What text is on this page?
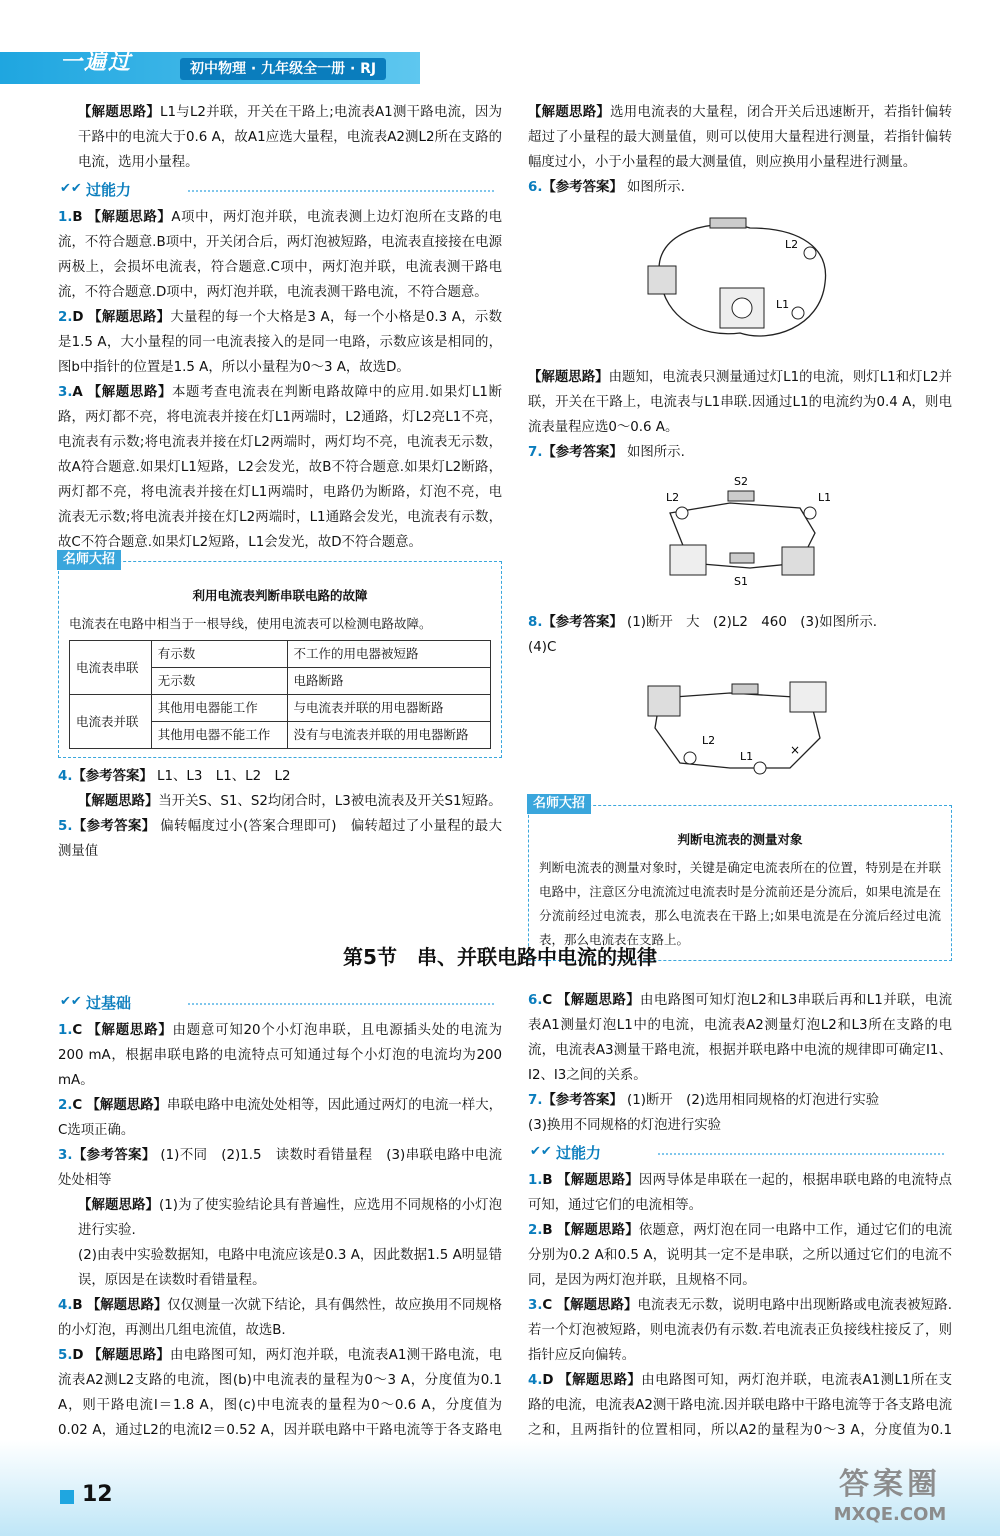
一遍过	初中物理 · 九年级全一册 · RJ

【解题思路】L1与L2并联，开关在干路上;电流表A1测干路电流，因为干路中的电流大于0.6 A，故A1应选大量程，电流表A2测L2所在支路的电流，选用小量程。

✔✔ 过能力

1.B 【解题思路】A项中，两灯泡并联，电流表测上边灯泡所在支路的电流，不符合题意.B项中，开关闭合后，两灯泡被短路，电流表直接接在电源两极上，会损坏电流表，符合题意.C项中，两灯泡并联，电流表测干路电流，不符合题意.D项中，两灯泡并联，电流表测干路电流，不符合题意。

2.D 【解题思路】大量程的每一个大格是3 A，每一个小格是0.3 A，示数是1.5 A，大小量程的同一电流表接入的是同一电路，示数应该是相同的，图b中指针的位置是1.5 A，所以小量程为0～3 A，故选D。

3.A 【解题思路】本题考查电流表在判断电路故障中的应用.如果灯L1断路，两灯都不亮，将电流表并接在灯L1两端时，L2通路，灯L2亮L1不亮，电流表有示数;将电流表并接在灯L2两端时，两灯均不亮，电流表无示数，故A符合题意.如果灯L1短路，L2会发光，故B不符合题意.如果灯L2断路，两灯都不亮，将电流表并接在灯L1两端时，电路仍为断路，灯泡不亮，电流表无示数;将电流表并接在灯L2两端时，L1通路会发光，电流表有示数，故C不符合题意.如果灯L2短路，L1会发光，故D不符合题意。

名师大招
利用电流表判断串联电路的故障

电流表在电路中相当于一根导线，使用电流表可以检测电路故障。

电流表串联	有示数	不工作的用电器被短路
	无示数	电路断路
电流表并联	其他用电器能工作	与电流表并联的用电器断路
	其他用电器不能工作	没有与电流表并联的用电器断路

4.【参考答案】 L1、L3　L1、L2　L2

【解题思路】当开关S、S1、S2均闭合时，L3被电流表及开关S1短路。

5.【参考答案】 偏转幅度过小(答案合理即可)　偏转超过了小量程的最大测量值

【解题思路】选用电流表的大量程，闭合开关后迅速断开，若指针偏转超过了小量程的最大测量值，则可以使用大量程进行测量，若指针偏转幅度过小，小于小量程的最大测量值，则应换用小量程进行测量。

6.【参考答案】 如图所示.

L2
L1

【解题思路】由题知，电流表只测量通过灯L1的电流，则灯L1和灯L2并联，开关在干路上，电流表与L1串联.因通过L1的电流约为0.4 A，则电流表量程应选0～0.6 A。

7.【参考答案】 如图所示.

L2	L1
S2
S1

8.【参考答案】 (1)断开　大　(2)L2　460　(3)如图所示.

(4)C

×
L2
L1
名师大招
判断电流表的测量对象

判断电流表的测量对象时，关键是确定电流表所在的位置，特别是在并联电路中，注意区分电流流过电流表时是分流前还是分流后，如果电流是在分流前经过电流表，那么电流表在干路上;如果电流是在分流后经过电流表，那么电流表在支路上。

第5节　串、并联电路中电流的规律
✔✔ 过基础

1.C 【解题思路】由题意可知20个小灯泡串联，且电源插头处的电流为200 mA，根据串联电路的电流特点可知通过每个小灯泡的电流均为200 mA。

2.C 【解题思路】串联电路中电流处处相等，因此通过两灯的电流一样大，C选项正确。

3.【参考答案】 (1)不同　(2)1.5　读数时看错量程　(3)串联电路中电流处处相等

【解题思路】(1)为了使实验结论具有普遍性，应选用不同规格的小灯泡进行实验.

(2)由表中实验数据知，电路中电流应该是0.3 A，因此数据1.5 A明显错误，原因是在读数时看错量程。

4.B 【解题思路】仅仅测量一次就下结论，具有偶然性，故应换用不同规格的小灯泡，再测出几组电流值，故选B.

5.D 【解题思路】由电路图可知，两灯泡并联，电流表A1测干路电流，电流表A2测L2支路的电流，图(b)中电流表的量程为0～3 A，分度值为0.1 A，则干路电流I＝1.8 A，图(c)中电流表的量程为0～0.6 A，分度值为0.02 A，通过L2的电流I2＝0.52 A，因并联电路中干路电流等于各支路电

6.C 【解题思路】由电路图可知灯泡L2和L3串联后再和L1并联，电流表A1测量灯泡L1中的电流，电流表A2测量灯泡L2和L3所在支路的电流，电流表A3测量干路电流，根据并联电路中电流的规律即可确定I1、I2、I3之间的关系。

7.【参考答案】 (1)断开　(2)选用相同规格的灯泡进行实验

(3)换用不同规格的灯泡进行实验

✔✔ 过能力

1.B 【解题思路】因两导体是串联在一起的，根据串联电路的电流特点可知，通过它们的电流相等。

2.B 【解题思路】依题意，两灯泡在同一电路中工作，通过它们的电流分别为0.2 A和0.5 A，说明其一定不是串联，之所以通过它们的电流不同，是因为两灯泡并联，且规格不同。

3.C 【解题思路】电流表无示数，说明电路中出现断路或电流表被短路.若一个灯泡被短路，则电流表仍有示数.若电流表正负接线柱接反了，则指针应反向偏转。

4.D 【解题思路】由电路图可知，两灯泡并联，电流表A1测L1所在支路的电流，电流表A2测干路电流.因并联电路中干路电流等于各支路电流之和，且两指针的位置相同，所以A2的量程为0～3 A，分度值为0.1

12	答案圈
MXQE.COM
